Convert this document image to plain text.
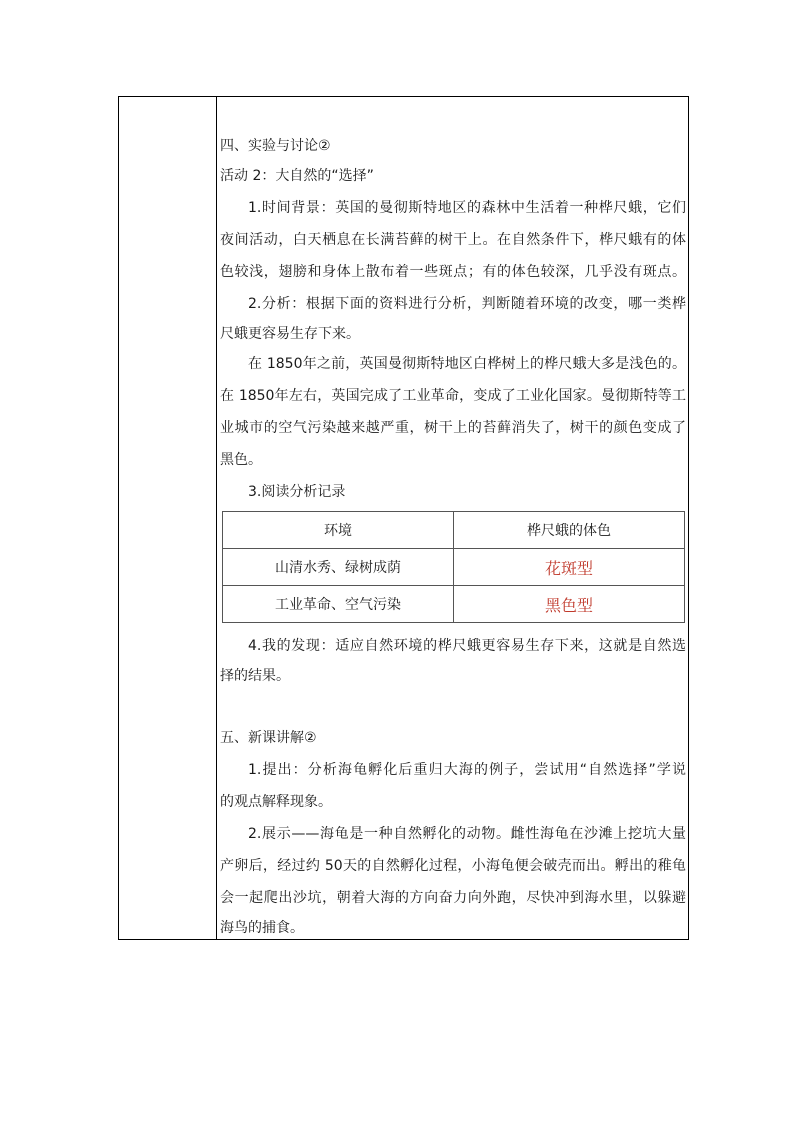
四、实验与讨论②
活动 2：大自然的“选择”
1.时间背景：英国的曼彻斯特地区的森林中生活着一种桦尺蛾，它们
夜间活动，白天栖息在长满苔藓的树干上。在自然条件下，桦尺蛾有的体
色较浅，翅膀和身体上散布着一些斑点；有的体色较深，几乎没有斑点。
2.分析：根据下面的资料进行分析，判断随着环境的改变，哪一类桦
尺蛾更容易生存下来。
在 1850年之前，英国曼彻斯特地区白桦树上的桦尺蛾大多是浅色的。
在 1850年左右，英国完成了工业革命，变成了工业化国家。曼彻斯特等工
业城市的空气污染越来越严重，树干上的苔藓消失了，树干的颜色变成了
黑色。
3.阅读分析记录
环境	桦尺蛾的体色
山清水秀、绿树成荫	花斑型
工业革命、空气污染	黑色型
4.我的发现：适应自然环境的桦尺蛾更容易生存下来，这就是自然选
择的结果。
五、新课讲解②
1.提出：分析海龟孵化后重归大海的例子，尝试用“自然选择”学说
的观点解释现象。
2.展示——海龟是一种自然孵化的动物。雌性海龟在沙滩上挖坑大量
产卵后，经过约 50天的自然孵化过程，小海龟便会破壳而出。孵出的稚龟
会一起爬出沙坑，朝着大海的方向奋力向外跑，尽快冲到海水里，以躲避
海鸟的捕食。
